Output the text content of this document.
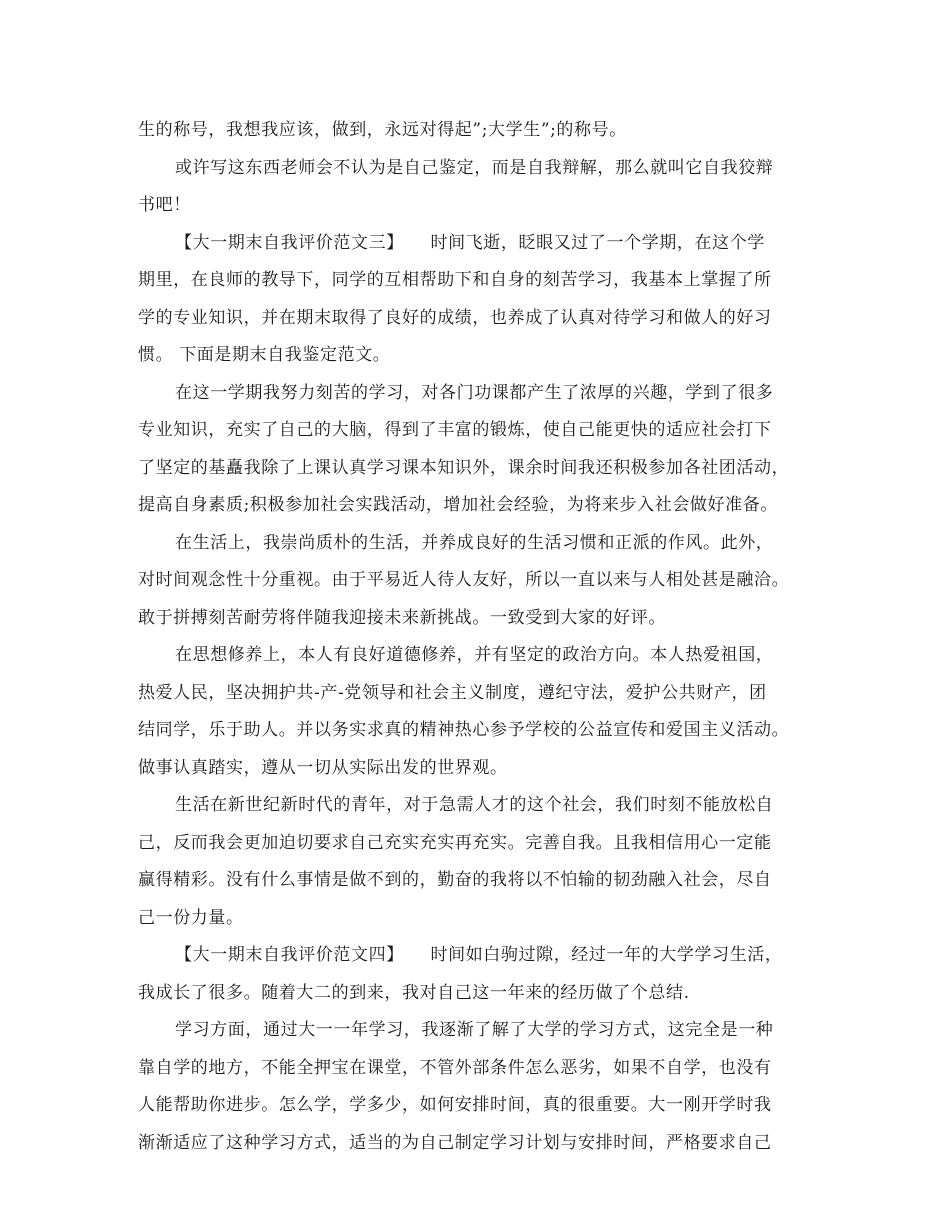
生的称号，我想我应该，做到，永远对得起”;大学生”;的称号。
或许写这东西老师会不认为是自己鉴定，而是自我辩解，那么就叫它自我狡辩
书吧！
【大一期末自我评价范文三】　　时间飞逝，眨眼又过了一个学期，在这个学
期里，在良师的教导下，同学的互相帮助下和自身的刻苦学习，我基本上掌握了所
学的专业知识，并在期末取得了良好的成绩，也养成了认真对待学习和做人的好习
惯。 下面是期末自我鉴定范文。
在这一学期我努力刻苦的学习，对各门功课都产生了浓厚的兴趣，学到了很多
专业知识，充实了自己的大脑，得到了丰富的锻炼，使自己能更快的适应社会打下
了坚定的基矗我除了上课认真学习课本知识外，课余时间我还积极参加各社团活动，
提高自身素质;积极参加社会实践活动，增加社会经验，为将来步入社会做好准备。
在生活上，我崇尚质朴的生活，并养成良好的生活习惯和正派的作风。此外，
对时间观念性十分重视。由于平易近人待人友好，所以一直以来与人相处甚是融洽。
敢于拼搏刻苦耐劳将伴随我迎接未来新挑战。一致受到大家的好评。
在思想修养上，本人有良好道德修养，并有坚定的政治方向。本人热爱祖国，
热爱人民，坚决拥护共-产-党领导和社会主义制度，遵纪守法，爱护公共财产，团
结同学，乐于助人。并以务实求真的精神热心参予学校的公益宣传和爱国主义活动。
做事认真踏实，遵从一切从实际出发的世界观。
生活在新世纪新时代的青年，对于急需人才的这个社会，我们时刻不能放松自
己，反而我会更加迫切要求自己充实充实再充实。完善自我。且我相信用心一定能
赢得精彩。没有什么事情是做不到的，勤奋的我将以不怕输的韧劲融入社会，尽自
己一份力量。
【大一期末自我评价范文四】　　时间如白驹过隙，经过一年的大学学习生活，
我成长了很多。随着大二的到来，我对自己这一年来的经历做了个总结.
学习方面，通过大一一年学习，我逐渐了解了大学的学习方式，这完全是一种
靠自学的地方，不能全押宝在课堂，不管外部条件怎么恶劣，如果不自学，也没有
人能帮助你进步。怎么学，学多少，如何安排时间，真的很重要。大一刚开学时我
渐渐适应了这种学习方式，适当的为自己制定学习计划与安排时间，严格要求自己
